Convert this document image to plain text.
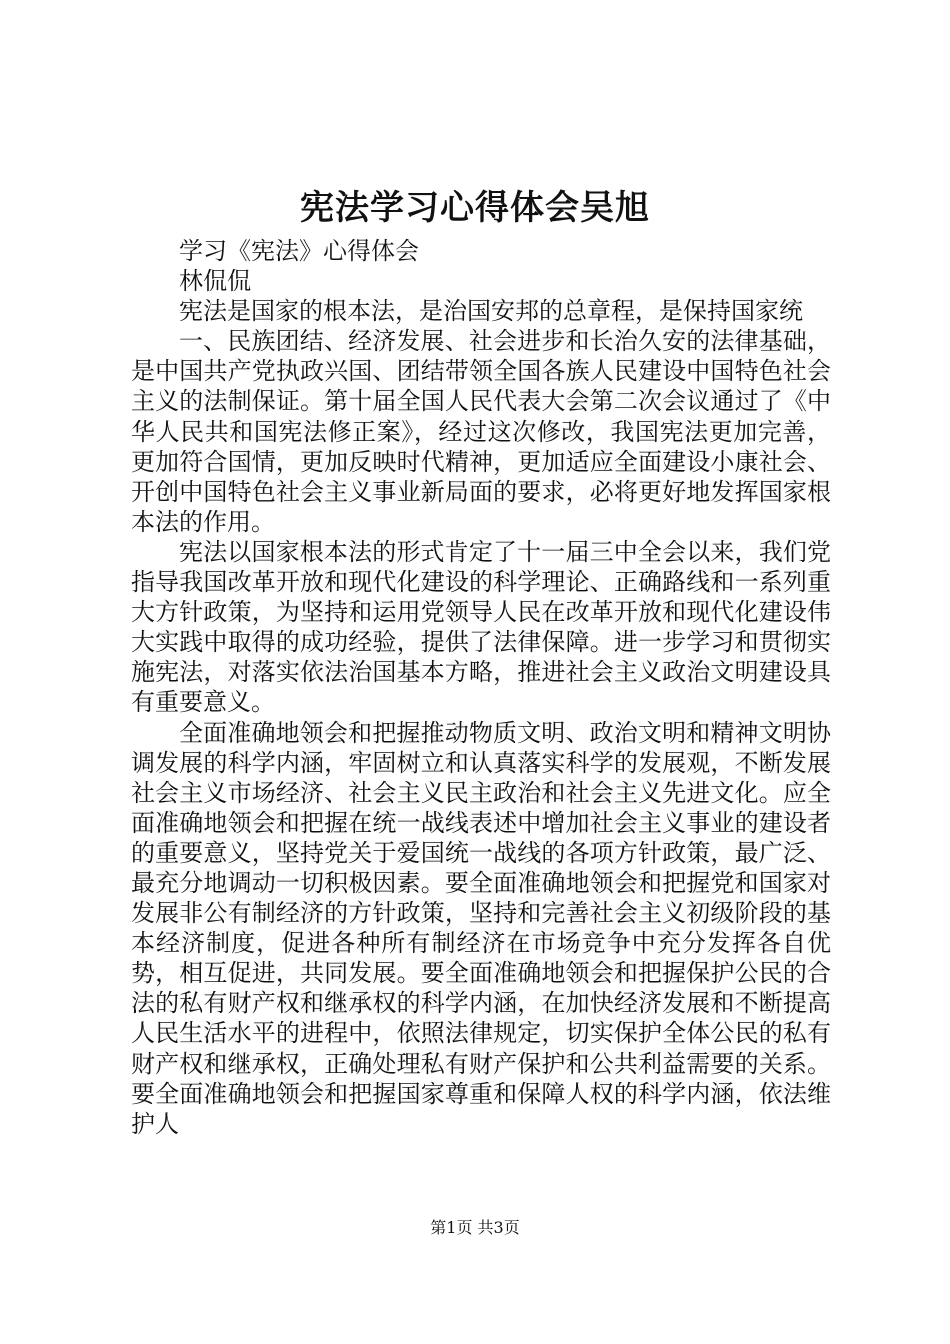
宪法学习心得体会吴旭

学习《宪法》心得体会

林侃侃

宪法是国家的根本法，是治国安邦的总章程，是保持国家统

一、民族团结、经济发展、社会进步和长治久安的法律基础，是中国共产党执政兴国、团结带领全国各族人民建设中国特色社会主义的法制保证。第十届全国人民代表大会第二次会议通过了《中华人民共和国宪法修正案》，经过这次修改，我国宪法更加完善，更加符合国情，更加反映时代精神，更加适应全面建设小康社会、开创中国特色社会主义事业新局面的要求，必将更好地发挥国家根本法的作用。

宪法以国家根本法的形式肯定了十一届三中全会以来，我们党指导我国改革开放和现代化建设的科学理论、正确路线和一系列重大方针政策，为坚持和运用党领导人民在改革开放和现代化建设伟大实践中取得的成功经验，提供了法律保障。进一步学习和贯彻实施宪法，对落实依法治国基本方略，推进社会主义政治文明建设具有重要意义。

全面准确地领会和把握推动物质文明、政治文明和精神文明协调发展的科学内涵，牢固树立和认真落实科学的发展观，不断发展社会主义市场经济、社会主义民主政治和社会主义先进文化。应全面准确地领会和把握在统一战线表述中增加社会主义事业的建设者的重要意义，坚持党关于爱国统一战线的各项方针政策，最广泛、最充分地调动一切积极因素。要全面准确地领会和把握党和国家对发展非公有制经济的方针政策，坚持和完善社会主义初级阶段的基本经济制度，促进各种所有制经济在市场竞争中充分发挥各自优势，相互促进，共同发展。要全面准确地领会和把握保护公民的合法的私有财产权和继承权的科学内涵，在加快经济发展和不断提高人民生活水平的进程中，依照法律规定，切实保护全体公民的私有财产权和继承权，正确处理私有财产保护和公共利益需要的关系。要全面准确地领会和把握国家尊重和保障人权的科学内涵，依法维护人

第1页 共3页
